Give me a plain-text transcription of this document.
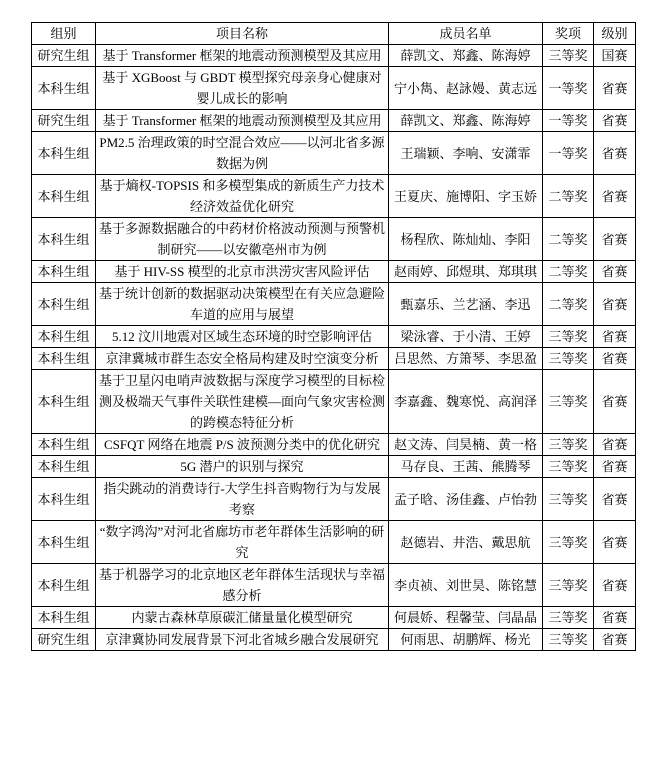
组别	项目名称	成员名单	奖项	级别
研究生组	基于 Transformer 框架的地震动预测模型及其应用	薛凯文、郑鑫、陈海婷	三等奖	国赛
本科生组	基于 XGBoost 与 GBDT 模型探究母亲身心健康对婴儿成长的影响	宁小雋、赵詠嫚、黄志远	一等奖	省赛
研究生组	基于 Transformer 框架的地震动预测模型及其应用	薛凯文、郑鑫、陈海婷	一等奖	省赛
本科生组	PM2.5 治理政策的时空混合效应——以河北省多源数据为例	王瑞颖、李响、安潇霏	一等奖	省赛
本科生组	基于熵权-TOPSIS 和多模型集成的新质生产力技术经济效益优化研究	王夏庆、施博阳、字玉娇	二等奖	省赛
本科生组	基于多源数据融合的中药材价格波动预测与预警机制研究——以安徽亳州市为例	杨程欣、陈灿灿、李阳	二等奖	省赛
本科生组	基于 HIV-SS 模型的北京市洪涝灾害风险评估	赵雨婷、邱煜琪、郑琪琪	二等奖	省赛
本科生组	基于统计创新的数据驱动决策模型在有关应急避险车道的应用与展望	甄嘉乐、兰艺涵、李迅	二等奖	省赛
本科生组	5.12 汶川地震对区域生态环境的时空影响评估	梁泳睿、于小清、王婷	三等奖	省赛
本科生组	京津冀城市群生态安全格局构建及时空演变分析	吕思然、方箫琴、李思盈	三等奖	省赛
本科生组	基于卫星闪电哨声波数据与深度学习模型的目标检测及极端天气事件关联性建模—面向气象灾害检测的跨模态特征分析	李嘉鑫、魏寒悦、高润泽	三等奖	省赛
本科生组	CSFQT 网络在地震 P/S 波预测分类中的优化研究	赵文涛、闫昊楠、黄一格	三等奖	省赛
本科生组	5G 潜户的识别与探究	马存良、王茜、熊腾琴	三等奖	省赛
本科生组	指尖跳动的消费诗行-大学生抖音购物行为与发展考察	孟子晗、汤佳鑫、卢怡勃	三等奖	省赛
本科生组	“数字鸿沟”对河北省廊坊市老年群体生活影响的研究	赵德岩、井浩、戴思航	三等奖	省赛
本科生组	基于机器学习的北京地区老年群体生活现状与幸福感分析	李贞祯、刘世昊、陈铭慧	三等奖	省赛
本科生组	内蒙古森林草原碳汇储量量化模型研究	何晨娇、程馨莹、闫晶晶	三等奖	省赛
研究生组	京津冀协同发展背景下河北省城乡融合发展研究	何雨思、胡鹏辉、杨光	三等奖	省赛
